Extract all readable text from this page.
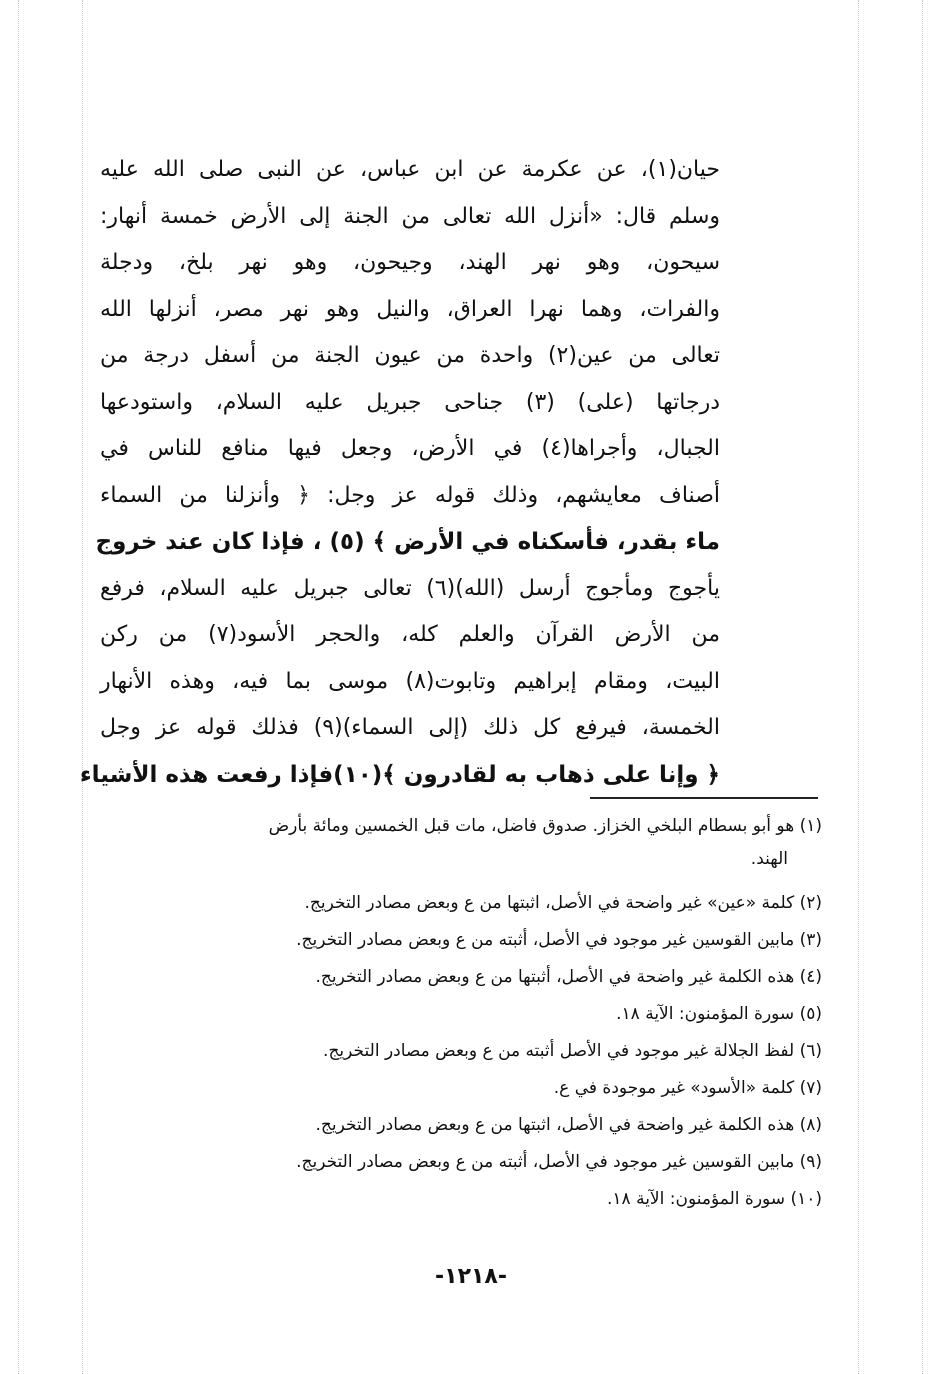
حيان(١)، عن عكرمة عن ابن عباس، عن النبى صلى الله عليه
وسلم قال: «أنزل الله تعالى من الجنة إلى الأرض خمسة أنهار:
سيحون، وهو نهر الهند، وجيحون، وهو نهر بلخ، ودجلة
والفرات، وهما نهرا العراق، والنيل وهو نهر مصر، أنزلها الله
تعالى من عين(٢) واحدة من عيون الجنة من أسفل درجة من
درجاتها (على) (٣) جناحى جبريل عليه السلام، واستودعها
الجبال، وأجراها(٤) في الأرض، وجعل فيها منافع للناس في
أصناف معايشهم، وذلك قوله عز وجل: ﴿ وأنزلنا من السماء
ماء بقدر، فأسكناه في الأرض ﴾ (٥) ، فإذا كان عند خروج
يأجوج ومأجوج أرسل (الله)(٦) تعالى جبريل عليه السلام، فرفع
من الأرض القرآن والعلم كله، والحجر الأسود(٧) من ركن
البيت، ومقام إبراهيم وتابوت(٨) موسى بما فيه، وهذه الأنهار
الخمسة، فيرفع كل ذلك (إلى السماء)(٩) فذلك قوله عز وجل
﴿ وإنا على ذهاب به لقادرون ﴾(١٠)فإذا رفعت هذه الأشياء
(١) هو أبو بسطام البلخي الخزاز. صدوق فاضل، مات قبل الخمسين ومائة بأرض
الهند.
(٢) كلمة «عين» غير واضحة في الأصل، اثبتها من ع وبعض مصادر التخريج.
(٣) مابين القوسين غير موجود في الأصل، أثبته من ع وبعض مصادر التخريج.
(٤) هذه الكلمة غير واضحة في الأصل، أثبتها من ع وبعض مصادر التخريج.
(٥) سورة المؤمنون: الآية ١٨.
(٦) لفظ الجلالة غير موجود في الأصل أثبته من ع وبعض مصادر التخريج.
(٧) كلمة «الأسود» غير موجودة في ع.
(٨) هذه الكلمة غير واضحة في الأصل، اثبتها من ع وبعض مصادر التخريج.
(٩) مابين القوسين غير موجود في الأصل، أثبته من ع وبعض مصادر التخريج.
(١٠) سورة المؤمنون: الآية ١٨.
-١٢١٨-
